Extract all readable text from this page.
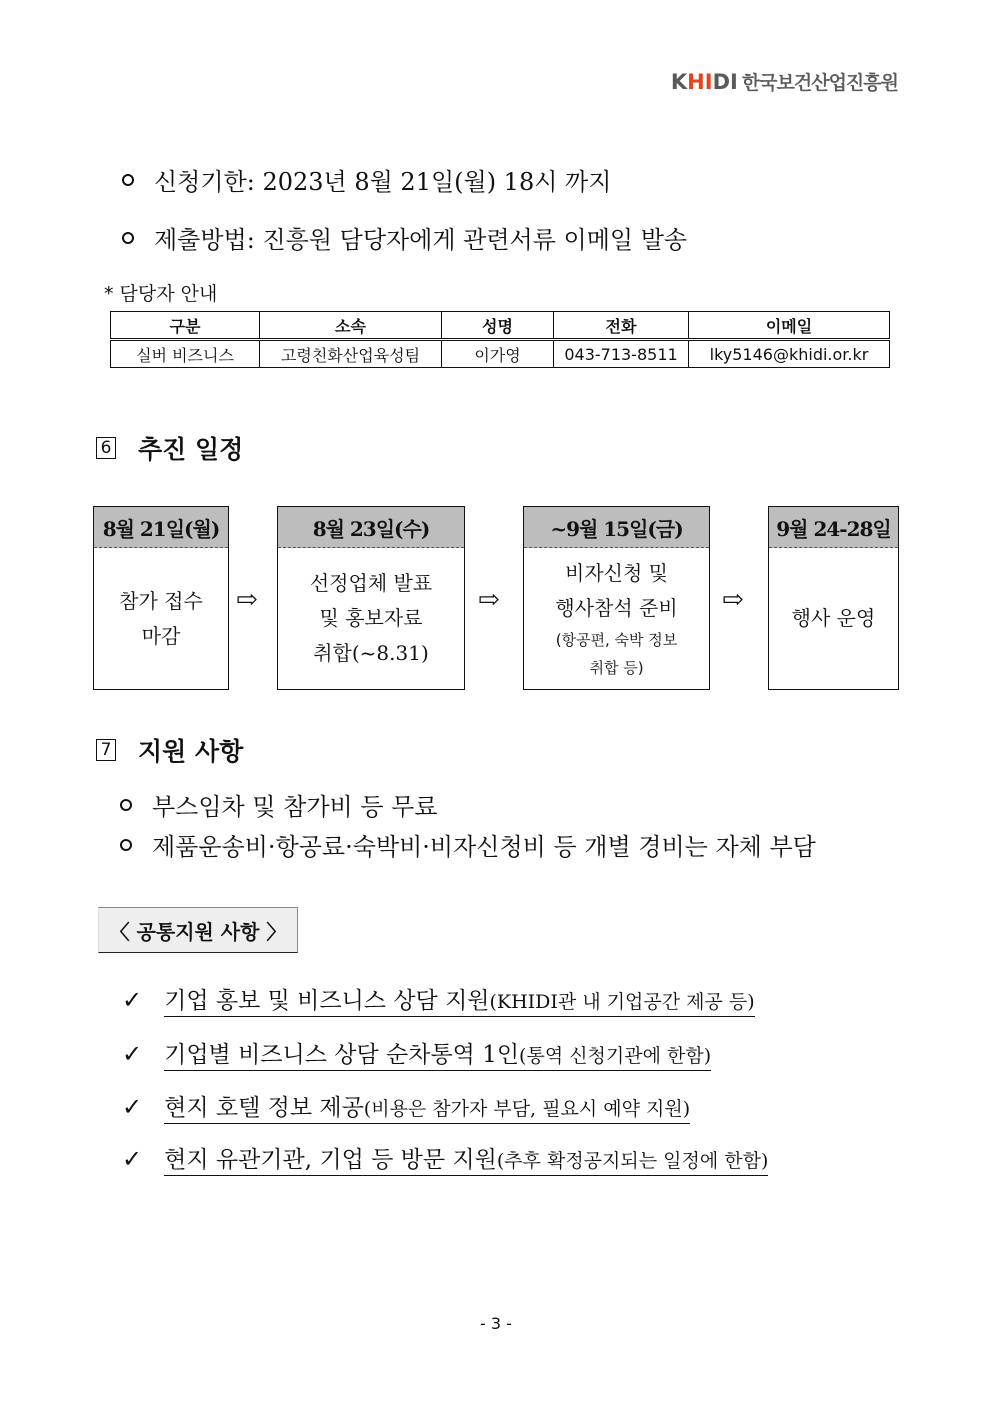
KHIDI 한국보건산업진흥원
신청기한: 2023년 8월 21일(월) 18시 까지
제출방법: 진흥원 담당자에게 관련서류 이메일 발송
* 담당자 안내
구분	소속	성명	전화	이메일
실버 비즈니스	고령친화산업육성팀	이가영	043-713-8511	lky5146@khidi.or.kr
6 추진 일정
8월 21일(월)
참가 접수
마감
⇨
8월 23일(수)
선정업체 발표
및 홍보자료
취합(~8.31)
⇨
~9월 15일(금)
비자신청 및
행사참석 준비
(항공편, 숙박 정보
취합 등)
⇨
9월 24-28일
행사 운영
7 지원 사항
부스임차 및 참가비 등 무료
제품운송비·항공료·숙박비·비자신청비 등 개별 경비는 자체 부담
〈 공통지원 사항 〉
✓ 기업 홍보 및 비즈니스 상담 지원(KHIDI관 내 기업공간 제공 등)
✓ 기업별 비즈니스 상담 순차통역 1인(통역 신청기관에 한함)
✓ 현지 호텔 정보 제공(비용은 참가자 부담, 필요시 예약 지원)
✓ 현지 유관기관, 기업 등 방문 지원(추후 확정공지되는 일정에 한함)
- 3 -
